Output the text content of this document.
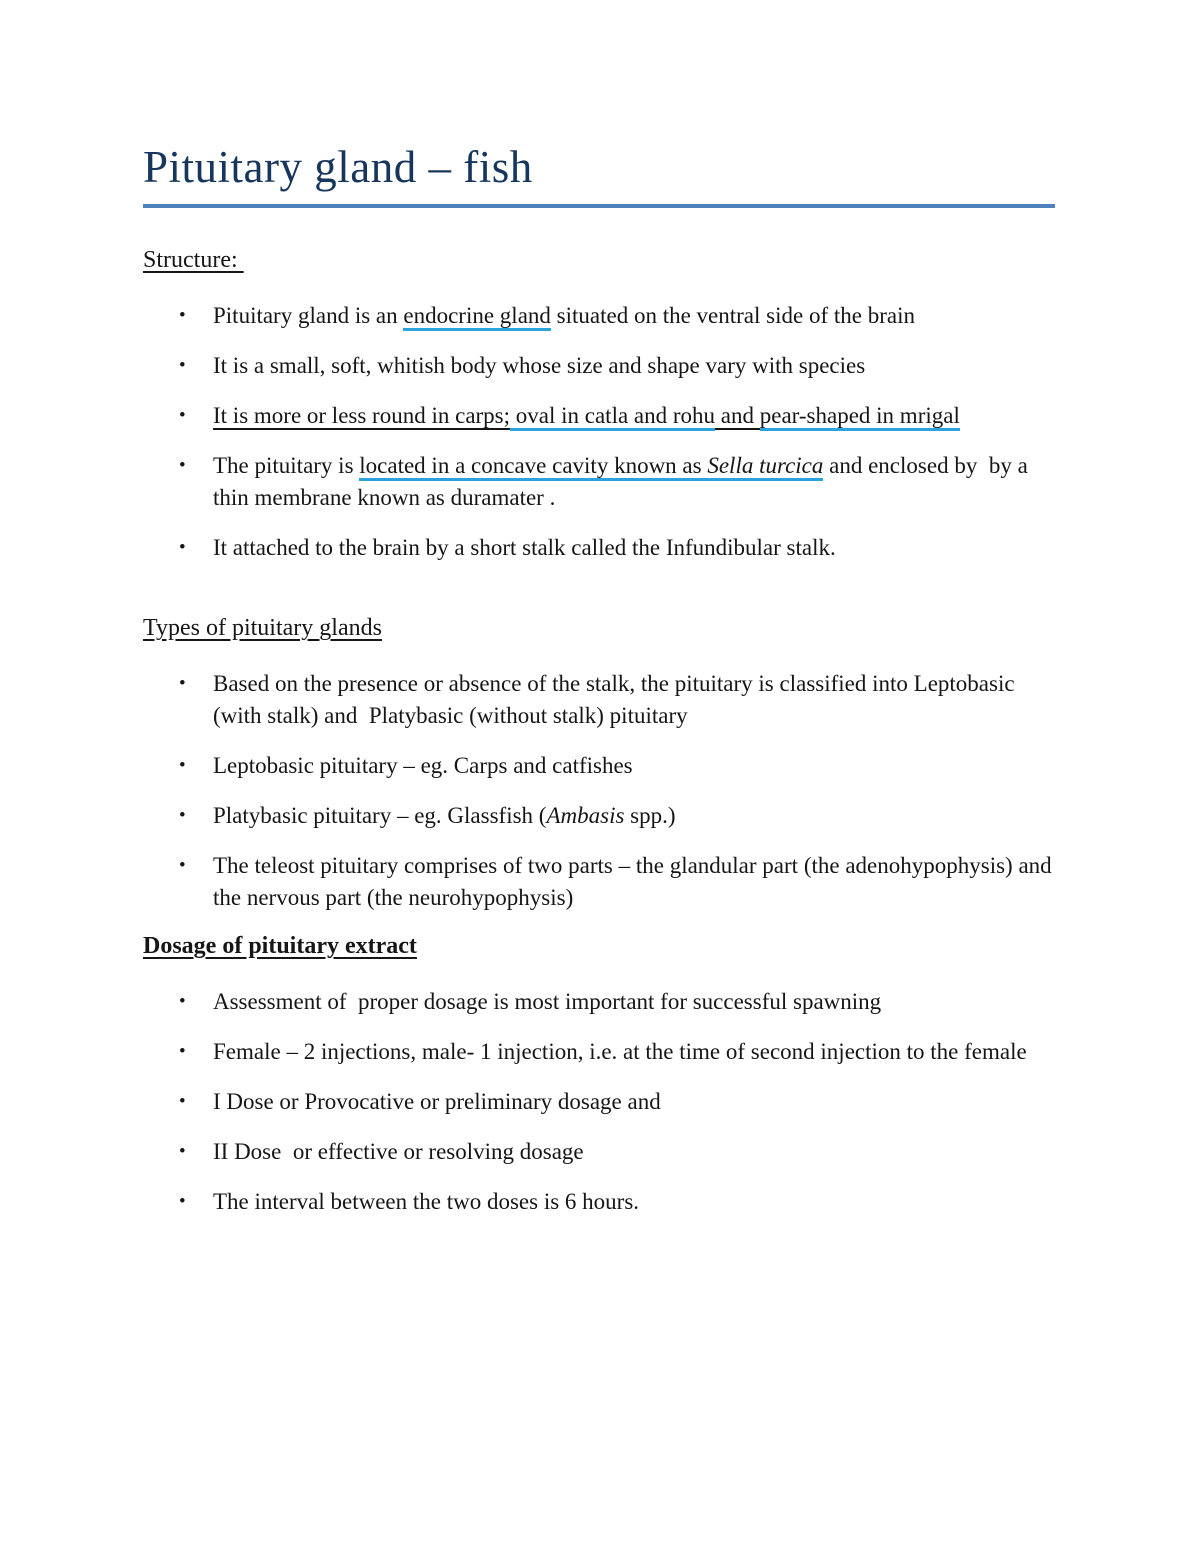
Pituitary gland – fish
Structure:
•	Pituitary gland is an endocrine gland situated on the ventral side of the brain
•	It is a small, soft, whitish body whose size and shape vary with species
•	It is more or less round in carps; oval in catla and rohu and pear-shaped in mrigal
•	The pituitary is located in a concave cavity known as Sella turcica and enclosed by  by a thin membrane known as duramater .
•	It attached to the brain by a short stalk called the Infundibular stalk.
Types of pituitary glands
•	Based on the presence or absence of the stalk, the pituitary is classified into Leptobasic (with stalk) and  Platybasic (without stalk) pituitary
•	Leptobasic pituitary – eg. Carps and catfishes
•	Platybasic pituitary – eg. Glassfish (Ambasis spp.)
•	The teleost pituitary comprises of two parts – the glandular part (the adenohypophysis) and the nervous part (the neurohypophysis)
Dosage of pituitary extract
•	Assessment of  proper dosage is most important for successful spawning
•	Female – 2 injections, male- 1 injection, i.e. at the time of second injection to the female
•	I Dose or Provocative or preliminary dosage and
•	II Dose  or effective or resolving dosage
•	The interval between the two doses is 6 hours.
